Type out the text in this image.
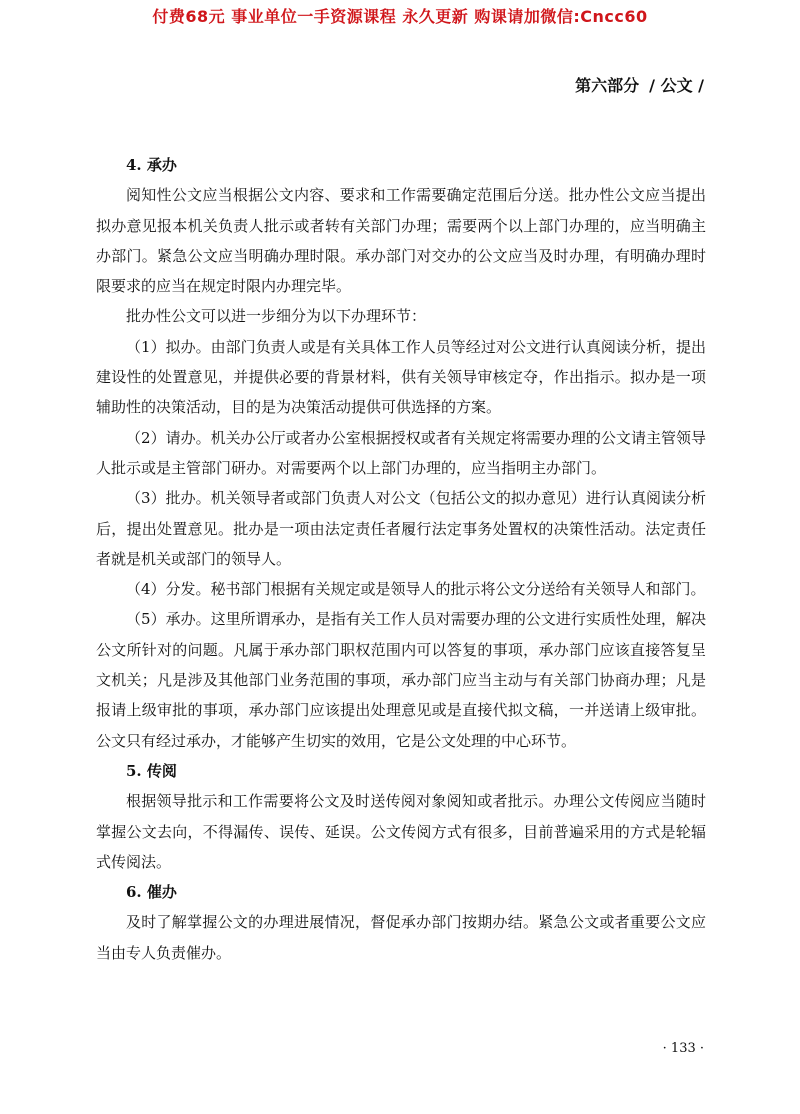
付费68元 事业单位一手资源课程 永久更新 购课请加微信:Cncc60
第六部分 / 公文 /
4. 承办

阅知性公文应当根据公文内容、要求和工作需要确定范围后分送。批办性公文应当提出拟办意见报本机关负责人批示或者转有关部门办理；需要两个以上部门办理的，应当明确主办部门。紧急公文应当明确办理时限。承办部门对交办的公文应当及时办理，有明确办理时限要求的应当在规定时限内办理完毕。

批办性公文可以进一步细分为以下办理环节：

（1）拟办。由部门负责人或是有关具体工作人员等经过对公文进行认真阅读分析，提出建设性的处置意见，并提供必要的背景材料，供有关领导审核定夺，作出指示。拟办是一项辅助性的决策活动，目的是为决策活动提供可供选择的方案。

（2）请办。机关办公厅或者办公室根据授权或者有关规定将需要办理的公文请主管领导人批示或是主管部门研办。对需要两个以上部门办理的，应当指明主办部门。

（3）批办。机关领导者或部门负责人对公文（包括公文的拟办意见）进行认真阅读分析后，提出处置意见。批办是一项由法定责任者履行法定事务处置权的决策性活动。法定责任者就是机关或部门的领导人。

（4）分发。秘书部门根据有关规定或是领导人的批示将公文分送给有关领导人和部门。

（5）承办。这里所谓承办，是指有关工作人员对需要办理的公文进行实质性处理，解决公文所针对的问题。凡属于承办部门职权范围内可以答复的事项，承办部门应该直接答复呈文机关；凡是涉及其他部门业务范围的事项，承办部门应当主动与有关部门协商办理；凡是报请上级审批的事项，承办部门应该提出处理意见或是直接代拟文稿，一并送请上级审批。公文只有经过承办，才能够产生切实的效用，它是公文处理的中心环节。

5. 传阅

根据领导批示和工作需要将公文及时送传阅对象阅知或者批示。办理公文传阅应当随时掌握公文去向，不得漏传、误传、延误。公文传阅方式有很多，目前普遍采用的方式是轮辐式传阅法。

6. 催办

及时了解掌握公文的办理进展情况，督促承办部门按期办结。紧急公文或者重要公文应当由专人负责催办。

· 133 ·
